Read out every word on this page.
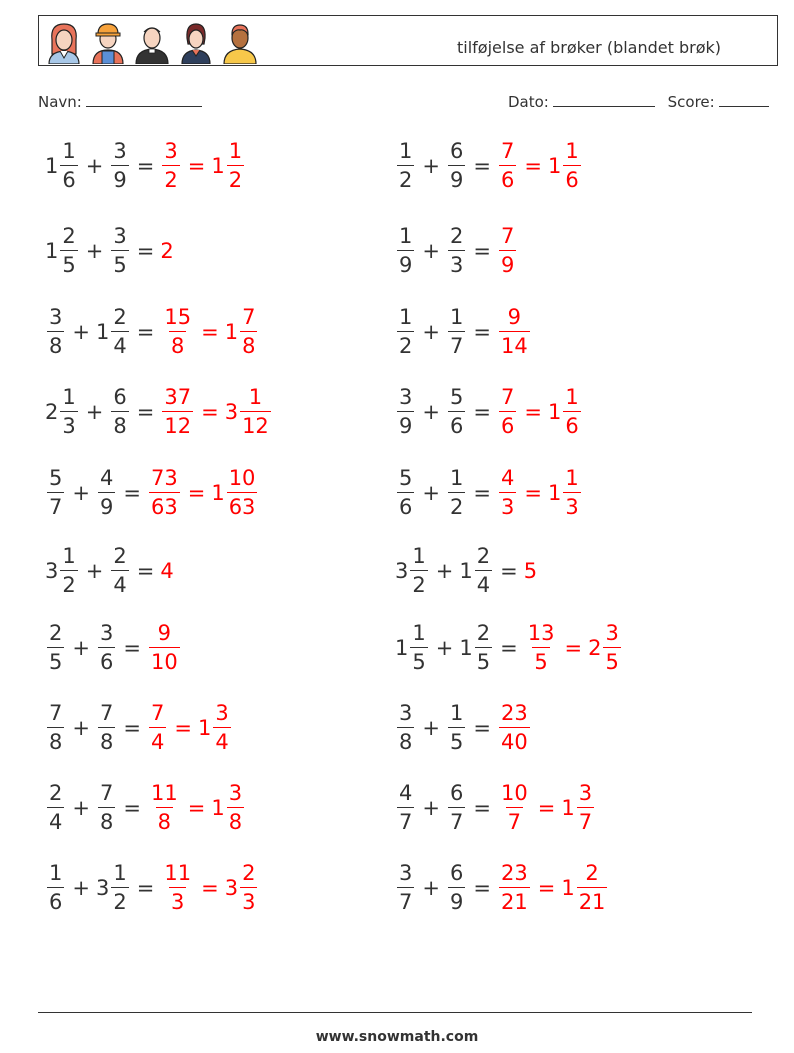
tilføjelse af brøker (blandet brøk)
Navn:	Dato:	Score:
$1 \frac{1}{6} + \frac{3}{9} = \frac{3}{2} = 1 \frac{1}{2}$	$\frac{1}{2} + \frac{6}{9} = \frac{7}{6} = 1 \frac{1}{6}$
$1 \frac{2}{5} + \frac{3}{5} = 2$	$\frac{1}{9} + \frac{2}{3} = \frac{7}{9}$
$\frac{3}{8} + 1 \frac{2}{4} = \frac{15}{8} = 1 \frac{7}{8}$	$\frac{1}{2} + \frac{1}{7} = \frac{9}{14}$
$2 \frac{1}{3} + \frac{6}{8} = \frac{37}{12} = 3 \frac{1}{12}$	$\frac{3}{9} + \frac{5}{6} = \frac{7}{6} = 1 \frac{1}{6}$
$\frac{5}{7} + \frac{4}{9} = \frac{73}{63} = 1 \frac{10}{63}$	$\frac{5}{6} + \frac{1}{2} = \frac{4}{3} = 1 \frac{1}{3}$
$3 \frac{1}{2} + \frac{2}{4} = 4$	$3 \frac{1}{2} + 1 \frac{2}{4} = 5$
$\frac{2}{5} + \frac{3}{6} = \frac{9}{10}$	$1 \frac{1}{5} + 1 \frac{2}{5} = \frac{13}{5} = 2 \frac{3}{5}$
$\frac{7}{8} + \frac{7}{8} = \frac{7}{4} = 1 \frac{3}{4}$	$\frac{3}{8} + \frac{1}{5} = \frac{23}{40}$
$\frac{2}{4} + \frac{7}{8} = \frac{11}{8} = 1 \frac{3}{8}$	$\frac{4}{7} + \frac{6}{7} = \frac{10}{7} = 1 \frac{3}{7}$
$\frac{1}{6} + 3 \frac{1}{2} = \frac{11}{3} = 3 \frac{2}{3}$	$\frac{3}{7} + \frac{6}{9} = \frac{23}{21} = 1 \frac{2}{21}$
www.snowmath.com
